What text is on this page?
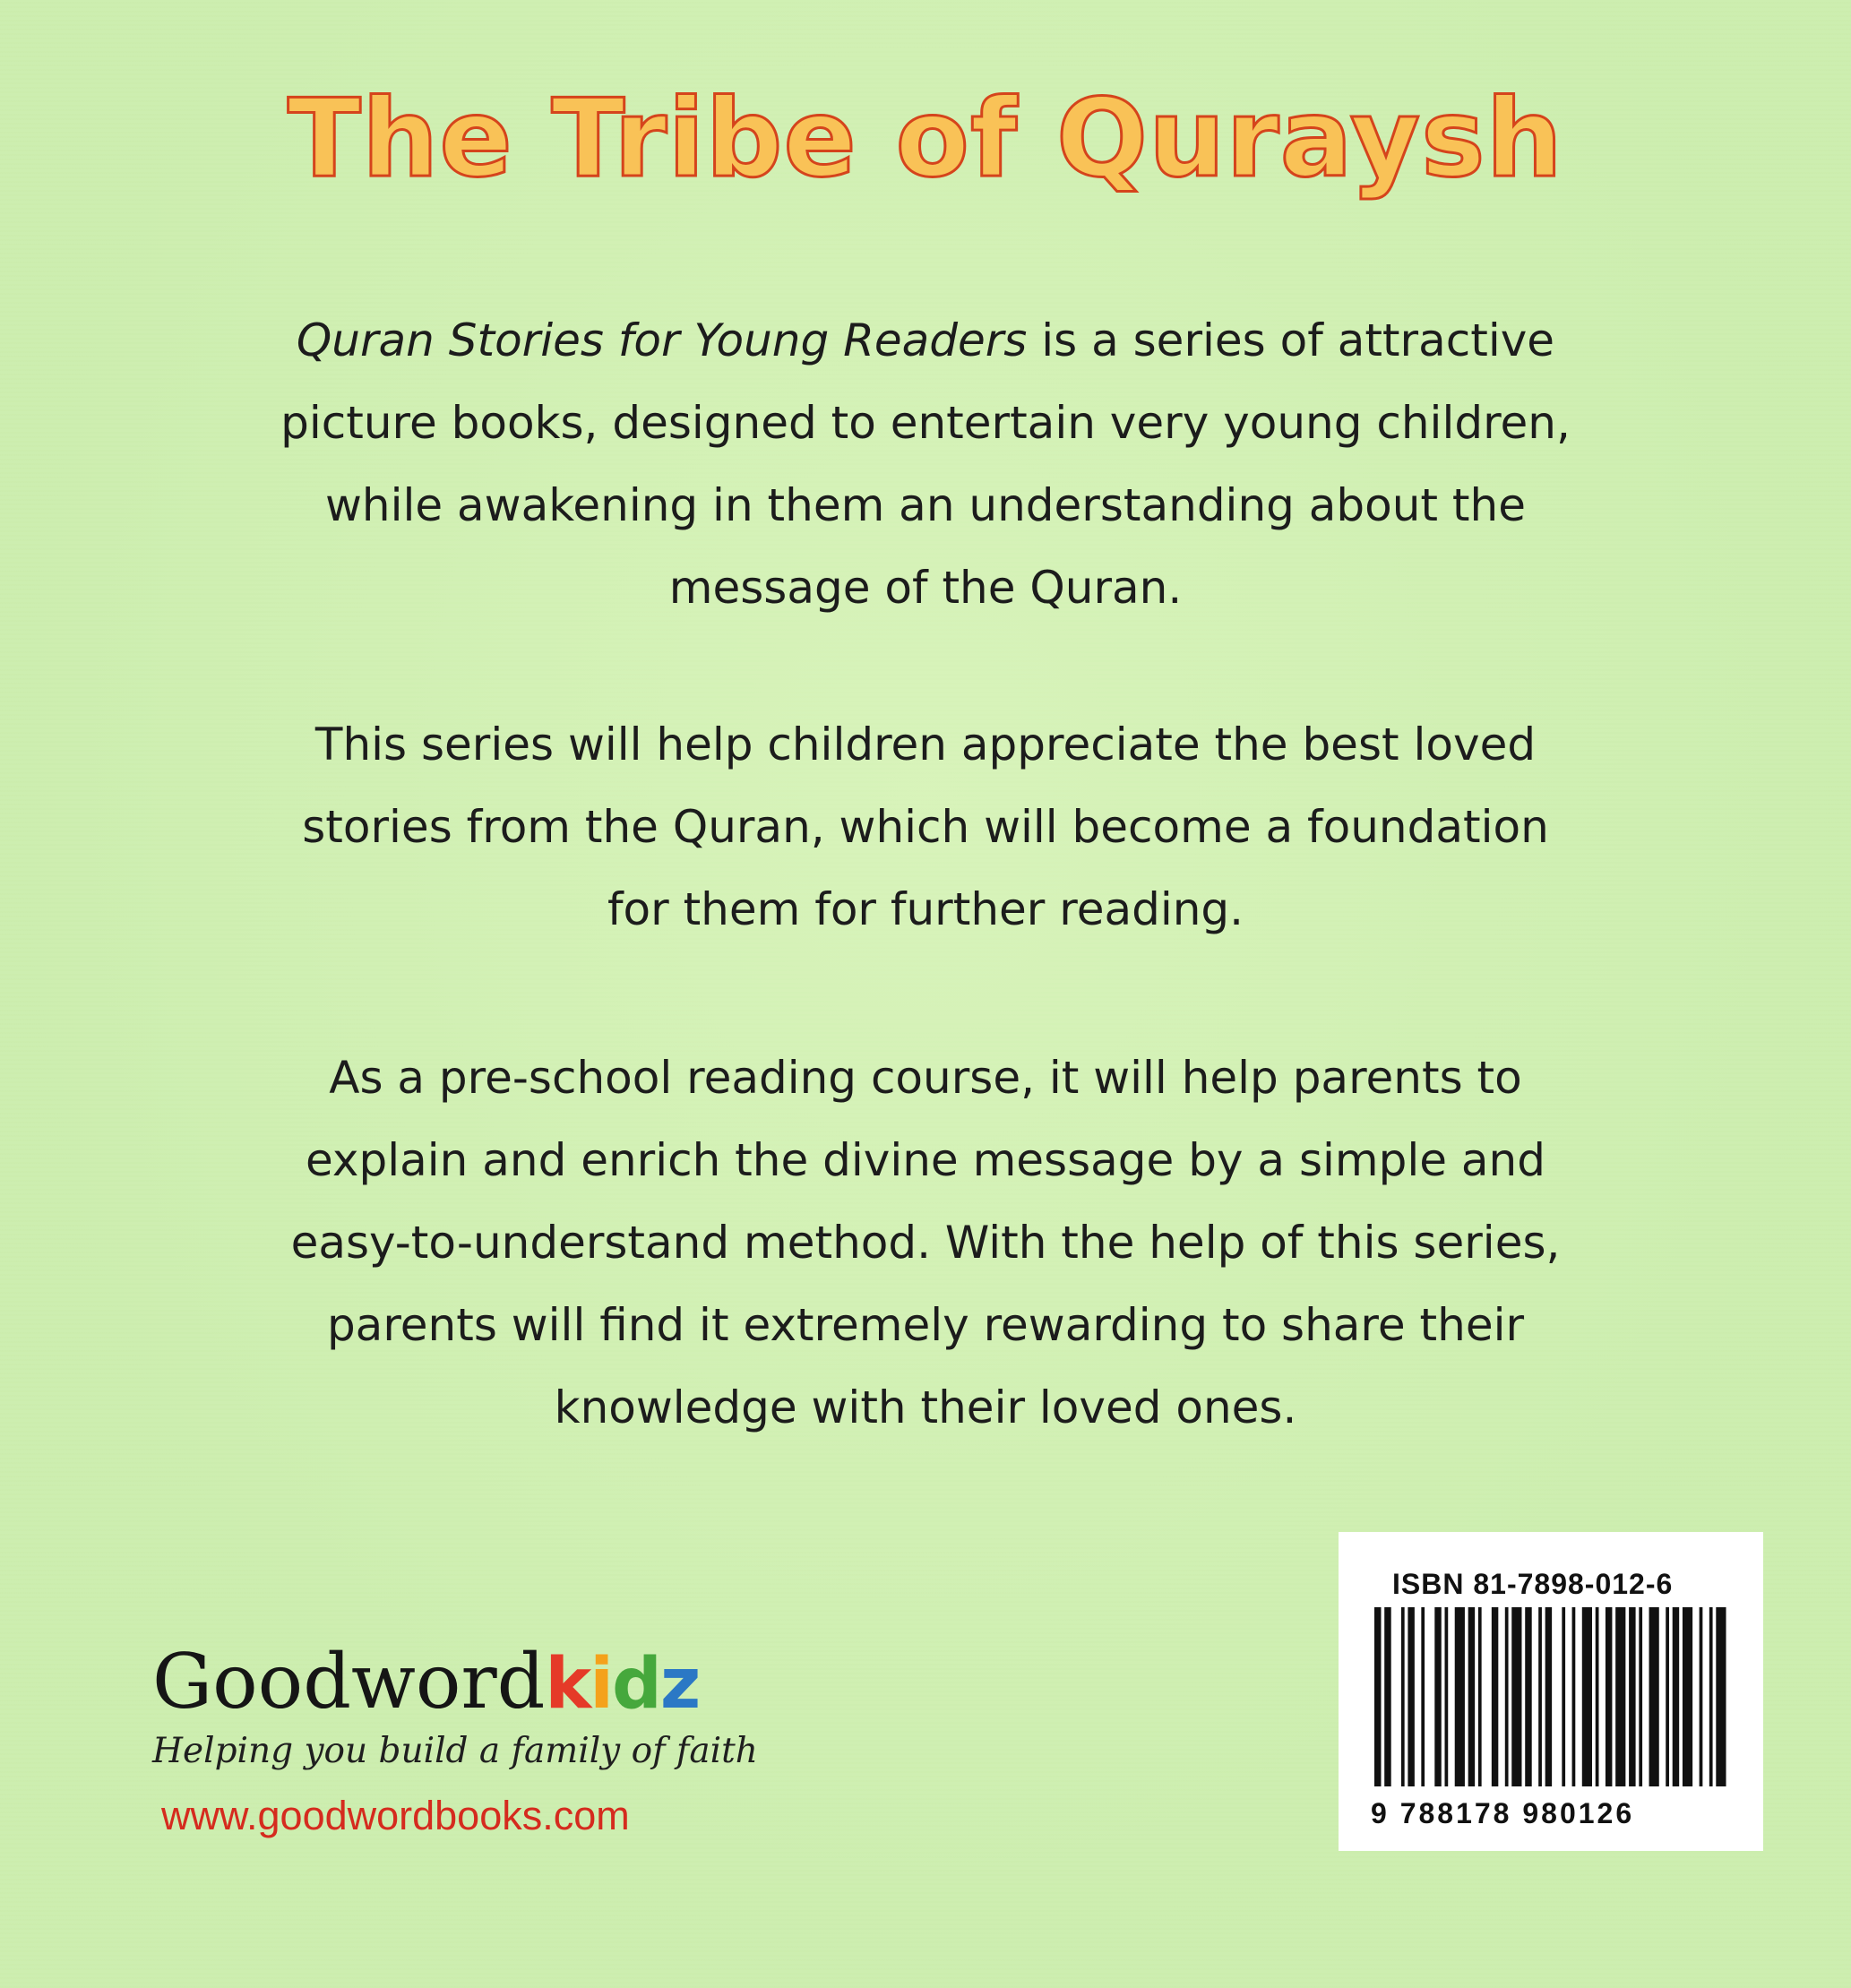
The Tribe of Quraysh

Quran Stories for Young Readers is a series of attractive picture books, designed to entertain very young children, while awakening in them an understanding about the message of the Quran.

This series will help children appreciate the best loved stories from the Quran, which will become a foundation for them for further reading.

As a pre-school reading course, it will help parents to explain and enrich the divine message by a simple and easy-to-understand method. With the help of this series, parents will find it extremely rewarding to share their knowledge with their loved ones.

Goodwordkidz
Helping you build a family of faith
www.goodwordbooks.com
ISBN 81-7898-012-6
9 788178 980126
